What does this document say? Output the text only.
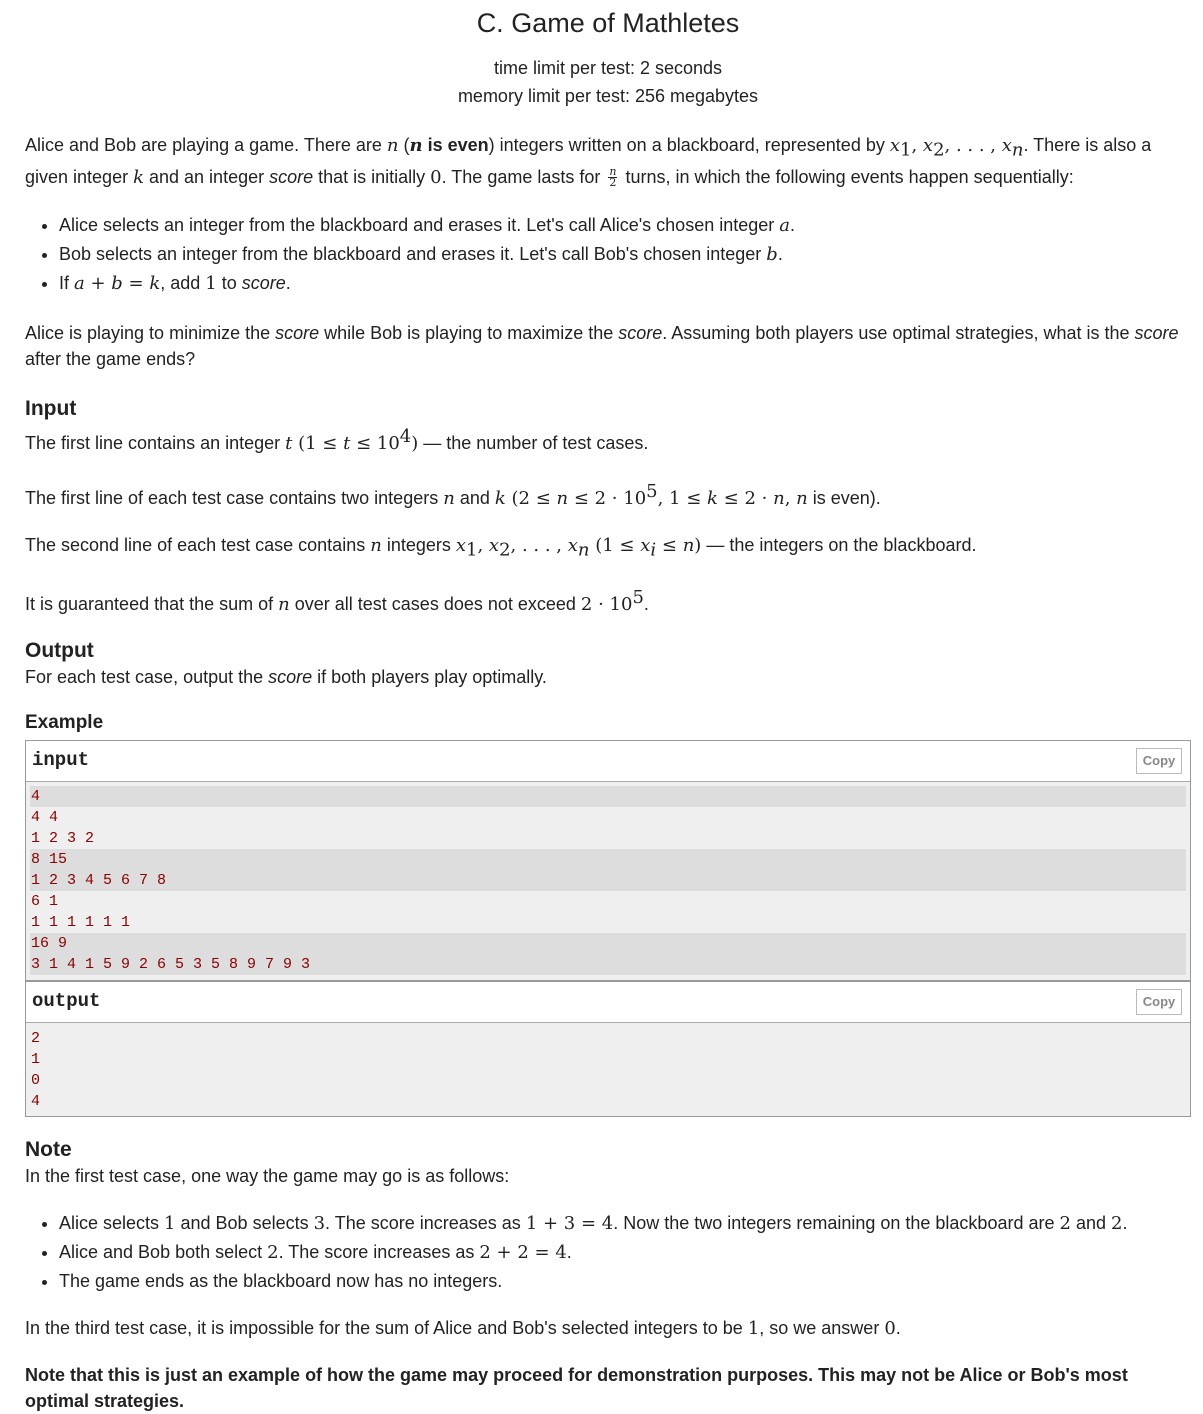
C. Game of Mathletes
time limit per test: 2 seconds
memory limit per test: 256 megabytes

Alice and Bob are playing a game. There are n (n is even) integers written on a blackboard, represented by $x_1$, $x_2$, . . . , $x_n$. There is also a given integer k and an integer score that is initially 0. The game lasts for $\frac{n}{2}$ turns, in which the following events happen sequentially:

• Alice selects an integer from the blackboard and erases it. Let's call Alice's chosen integer a.
• Bob selects an integer from the blackboard and erases it. Let's call Bob's chosen integer b.
• If a + b = k, add 1 to score.

Alice is playing to minimize the score while Bob is playing to maximize the score. Assuming both players use optimal strategies, what is the score after the game ends?

Input

The first line contains an integer t $(1 \le t \le 10^4)$ — the number of test cases.

The first line of each test case contains two integers n and k ($2 \le n \le 2 \cdot 10^5$, 1 ≤ k ≤ 2 · n, n is even).

The second line of each test case contains n integers $x_1$, $x_2$, . . . , $x_n$ $(1 \le x_i \le n)$ — the integers on the blackboard.

It is guaranteed that the sum of n over all test cases does not exceed $2 \cdot 10^5$.

Output

For each test case, output the score if both players play optimally.

Example
input	Copy
4
4 4
1 2 3 2
8 15
1 2 3 4 5 6 7 8
6 1
1 1 1 1 1 1
16 9
3 1 4 1 5 9 2 6 5 3 5 8 9 7 9 3
output	Copy
2
1
0
4
Note

In the first test case, one way the game may go is as follows:

• Alice selects 1 and Bob selects 3. The score increases as 1 + 3 = 4. Now the two integers remaining on the blackboard are 2 and 2.
• Alice and Bob both select 2. The score increases as 2 + 2 = 4.
• The game ends as the blackboard now has no integers.

In the third test case, it is impossible for the sum of Alice and Bob's selected integers to be 1, so we answer 0.

Note that this is just an example of how the game may proceed for demonstration purposes. This may not be Alice or Bob's most optimal strategies.
